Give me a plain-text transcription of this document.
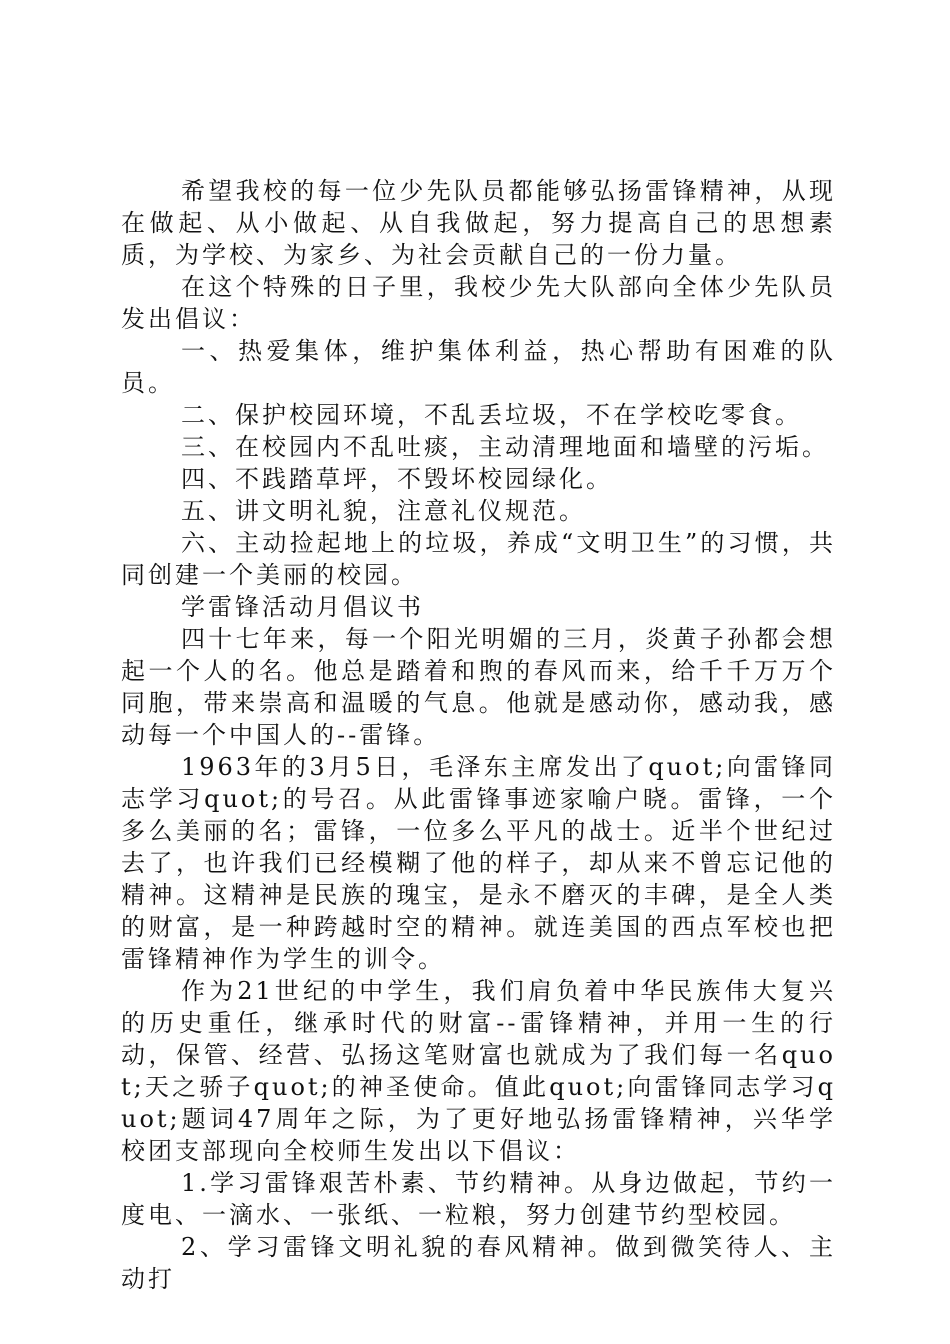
希望我校的每一位少先队员都能够弘扬雷锋精神，从现在做起、从小做起、从自我做起，努力提高自己的思想素质，为学校、为家乡、为社会贡献自己的一份力量。

在这个特殊的日子里，我校少先大队部向全体少先队员发出倡议：

一、热爱集体，维护集体利益，热心帮助有困难的队员。

二、保护校园环境，不乱丢垃圾，不在学校吃零食。

三、在校园内不乱吐痰，主动清理地面和墙壁的污垢。

四、不践踏草坪，不毁坏校园绿化。

五、讲文明礼貌，注意礼仪规范。

六、主动捡起地上的垃圾，养成“文明卫生”的习惯，共同创建一个美丽的校园。

学雷锋活动月倡议书

四十七年来，每一个阳光明媚的三月，炎黄子孙都会想起一个人的名。他总是踏着和煦的春风而来，给千千万万个同胞，带来崇高和温暖的气息。他就是感动你，感动我，感动每一个中国人的--雷锋。

1963年的3月5日，毛泽东主席发出了quot;向雷锋同志学习quot;的号召。从此雷锋事迹家喻户晓。雷锋，一个多么美丽的名；雷锋，一位多么平凡的战士。近半个世纪过去了，也许我们已经模糊了他的样子，却从来不曾忘记他的精神。这精神是民族的瑰宝，是永不磨灭的丰碑，是全人类的财富，是一种跨越时空的精神。就连美国的西点军校也把雷锋精神作为学生的训令。

作为21世纪的中学生，我们肩负着中华民族伟大复兴的历史重任，继承时代的财富--雷锋精神，并用一生的行动，保管、经营、弘扬这笔财富也就成为了我们每一名quot;天之骄子quot;的神圣使命。值此quot;向雷锋同志学习quot;题词47周年之际，为了更好地弘扬雷锋精神，兴华学校团支部现向全校师生发出以下倡议：

1.学习雷锋艰苦朴素、节约精神。从身边做起，节约一度电、一滴水、一张纸、一粒粮，努力创建节约型校园。

2、学习雷锋文明礼貌的春风精神。做到微笑待人、主动打
